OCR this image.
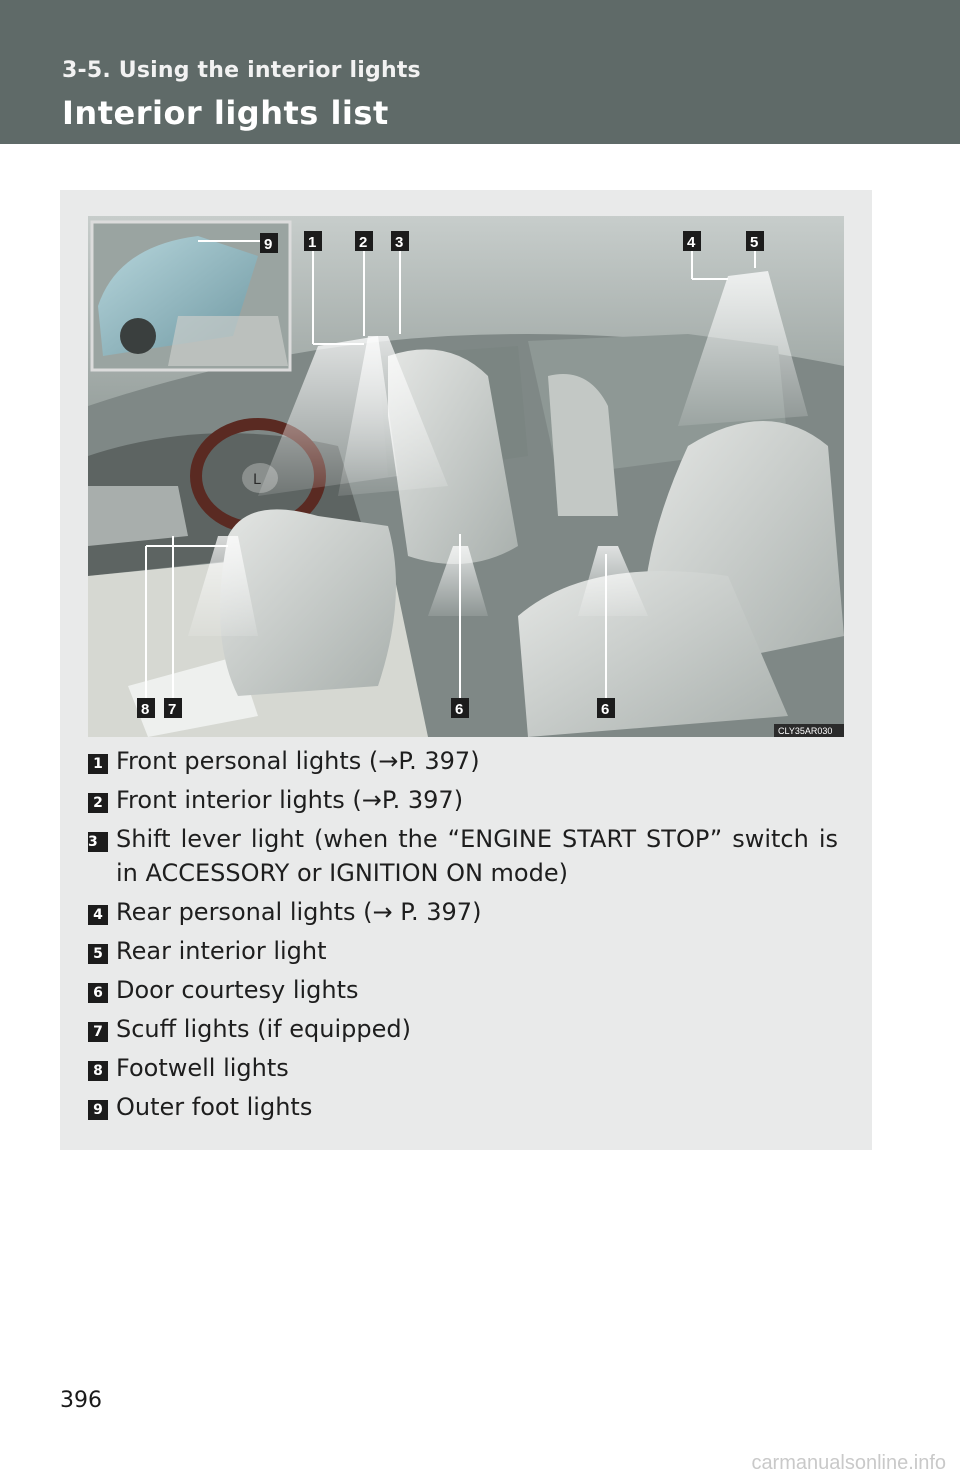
3-5. Using the interior lights
Interior lights list
L
1	2 3	4	5
6	6
8 7
9
CLY35AR030
1 Front personal lights (→P. 397)
2 Front interior lights (→P. 397)
3 Shift lever light (when the “ENGINE START STOP” switch is in ACCESSORY or IGNITION ON mode)
4 Rear personal lights (→ P. 397)
5 Rear interior light
6 Door courtesy lights
7 Scuff lights (if equipped)
8 Footwell lights
9 Outer foot lights
396
carmanualsonline.info
